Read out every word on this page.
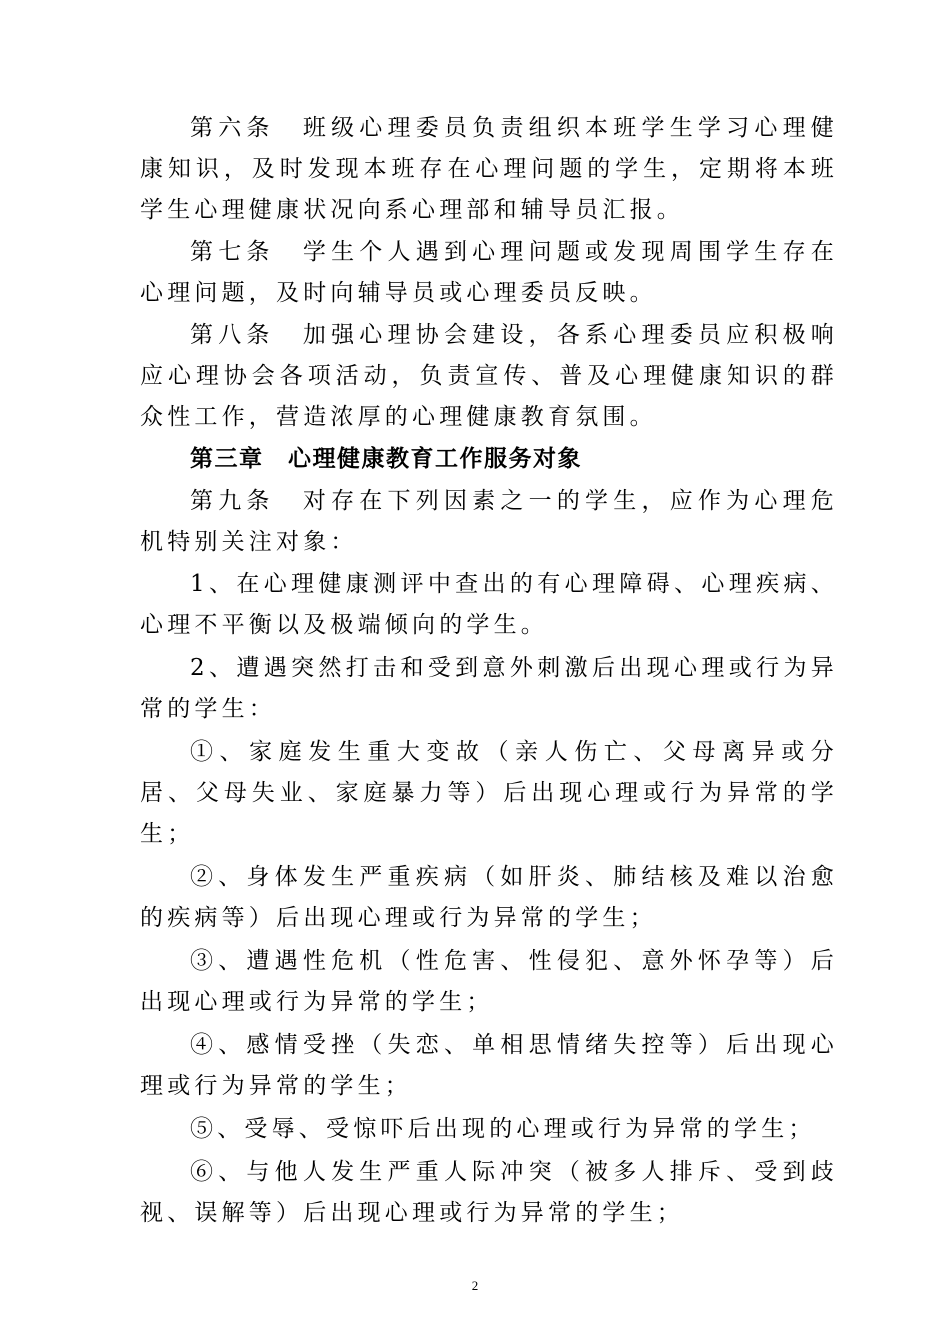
第六条　班级心理委员负责组织本班学生学习心理健康知识，及时发现本班存在心理问题的学生，定期将本班学生心理健康状况向系心理部和辅导员汇报。

第七条　学生个人遇到心理问题或发现周围学生存在心理问题，及时向辅导员或心理委员反映。

第八条　加强心理协会建设，各系心理委员应积极响应心理协会各项活动，负责宣传、普及心理健康知识的群众性工作，营造浓厚的心理健康教育氛围。

第三章　心理健康教育工作服务对象

第九条　对存在下列因素之一的学生，应作为心理危机特别关注对象：

1、在心理健康测评中查出的有心理障碍、心理疾病、心理不平衡以及极端倾向的学生。

2、遭遇突然打击和受到意外刺激后出现心理或行为异常的学生：

①、家庭发生重大变故（亲人伤亡、父母离异或分居、父母失业、家庭暴力等）后出现心理或行为异常的学生；

②、身体发生严重疾病（如肝炎、肺结核及难以治愈的疾病等）后出现心理或行为异常的学生；

③、遭遇性危机（性危害、性侵犯、意外怀孕等）后出现心理或行为异常的学生；

④、感情受挫（失恋、单相思情绪失控等）后出现心理或行为异常的学生；

⑤、受辱、受惊吓后出现的心理或行为异常的学生；

⑥、与他人发生严重人际冲突（被多人排斥、受到歧视、误解等）后出现心理或行为异常的学生；

2
